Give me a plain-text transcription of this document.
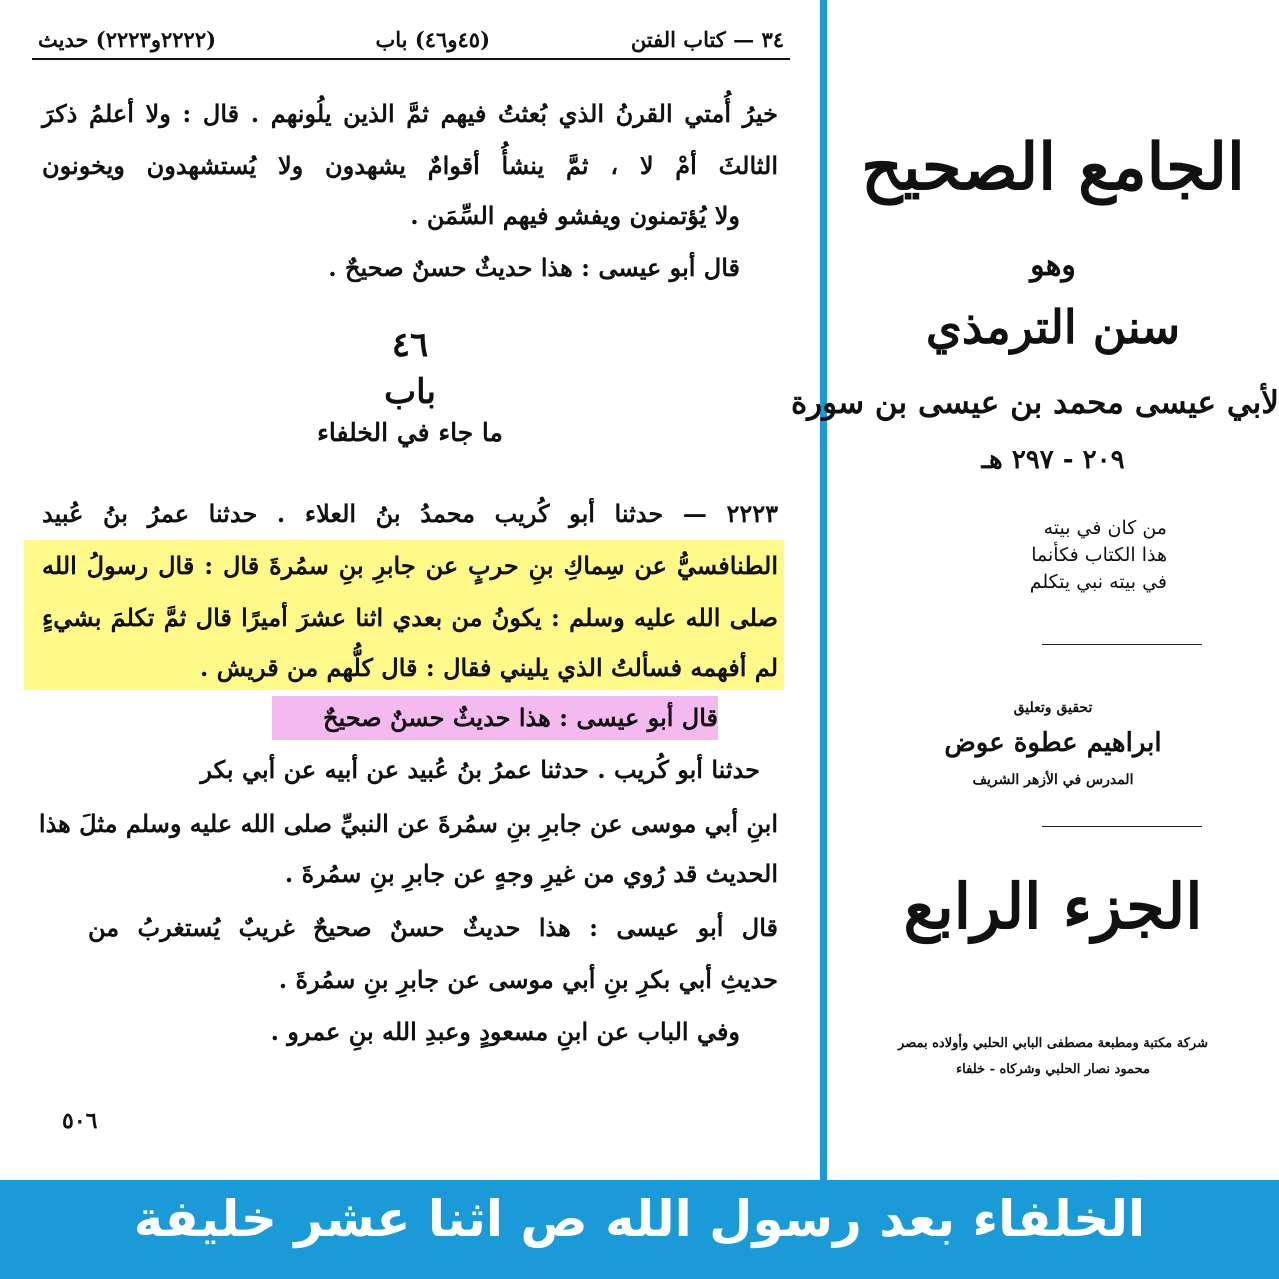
٣٤ — كتاب الفتن
(٤٥و٤٦) باب
(٢٢٢٢و٢٢٢٣) حديث
خيرُ أُمتي القرنُ الذي بُعثتُ فيهم ثمَّ الذين يلُونهم . قال : ولا أعلمُ ذكرَ
الثالثَ أمْ لا ، ثمَّ ينشأُ أقوامٌ يشهدون ولا يُستشهدون ويخونون
ولا يُؤتمنون ويفشو فيهم السِّمَن .
قال أبو عيسى : هذا حديثٌ حسنٌ صحيحٌ .
٤٦
باب
ما جاء في الخلفاء
٢٢٢٣ — حدثنا أبو كُريب محمدُ بنُ العلاء . حدثنا عمرُ بنُ عُبيد
الطنافسيُّ عن سِماكِ بنِ حربٍ عن جابرِ بنِ سمُرةَ قال : قال رسولُ الله
صلى الله عليه وسلم : يكونُ من بعدي اثنا عشرَ أميرًا قال ثمَّ تكلمَ بشيءٍ
لم أفهمه فسألتُ الذي يليني فقال : قال كلُّهم من قريش .
قال أبو عيسى : هذا حديثٌ حسنٌ صحيحٌ
حدثنا أبو كُريب . حدثنا عمرُ بنُ عُبيد عن أبيه عن أبي بكر
ابنِ أبي موسى عن جابرِ بنِ سمُرةَ عن النبيِّ صلى الله عليه وسلم مثلَ هذا
الحديث قد رُوي من غيرِ وجهٍ عن جابرِ بنِ سمُرةَ .
قال أبو عيسى : هذا حديثٌ حسنٌ صحيحٌ غريبٌ يُستغربُ من
حديثِ أبي بكرِ بنِ أبي موسى عن جابرِ بنِ سمُرةَ .
وفي الباب عن ابنِ مسعودٍ وعبدِ الله بنِ عمرو .
٥٠٦
الجامع الصحيح
وهو
سنن الترمذي
لأبي عيسى محمد بن عيسى بن سورة
٢٠٩ - ٢٩٧ هـ
من كان في بيته
هذا الكتاب فكأنما
في بيته نبي يتكلم
تحقيق وتعليق
ابراهيم عطوة عوض
المدرس في الأزهر الشريف
الجزء الرابع
شركة مكتبة ومطبعة مصطفى البابي الحلبي وأولاده بمصر
محمود نصار الحلبي وشركاه - خلفاء
الخلفاء بعد رسول الله ص اثنا عشر خليفة
